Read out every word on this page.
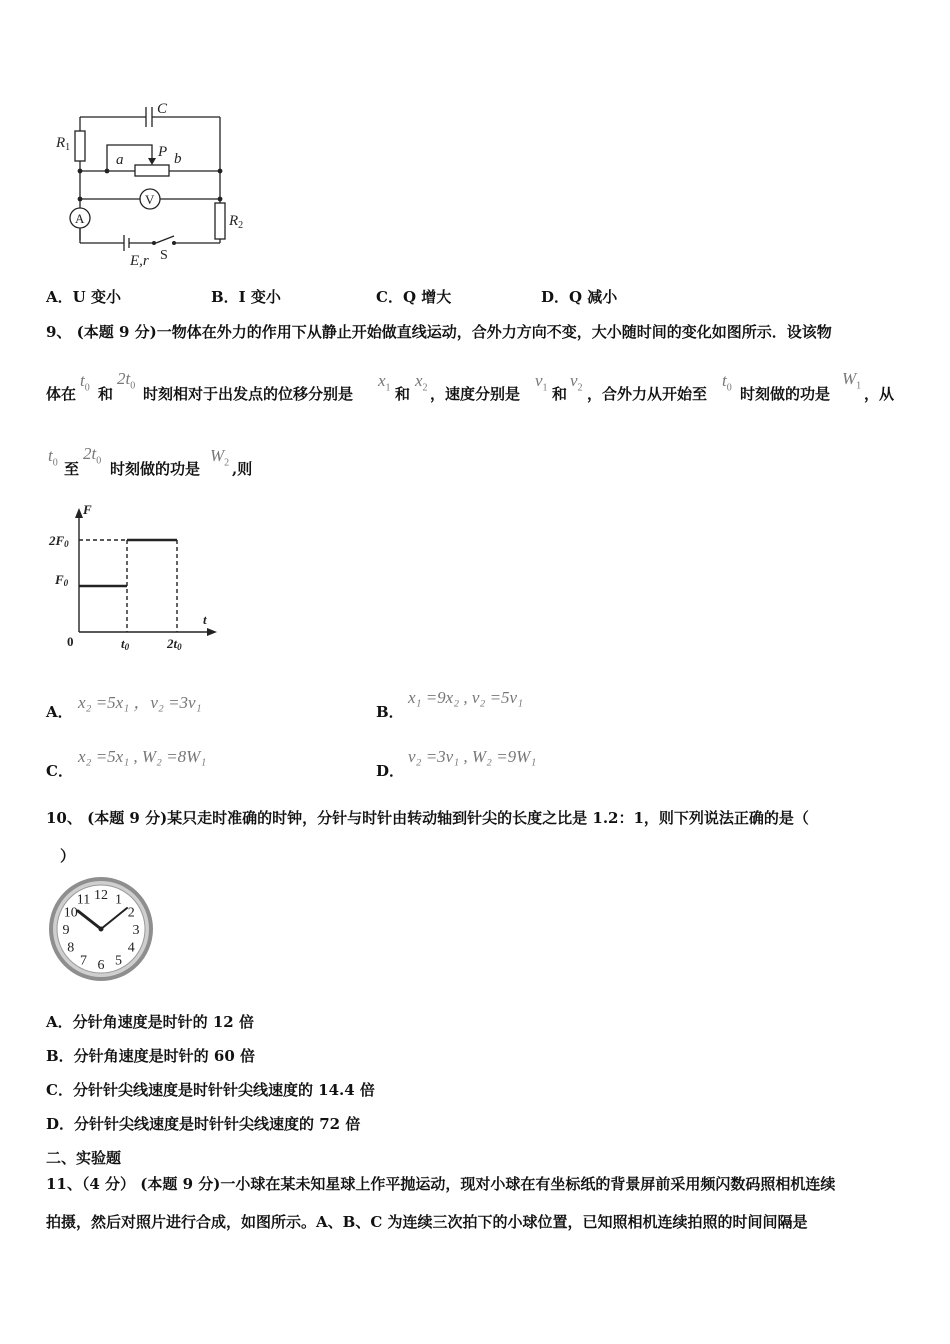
C
$R_1$
a P b
$R_2$
E,r
V
A
S
A．U 变小	B．I 变小	C．Q 增大	D．Q 减小
9、 (本题 9 分)一物体在外力的作用下从静止开始做直线运动，合外力方向不变，大小随时间的变化如图所示．设该物
体在
$t_0$ 和
$2t_0$ 时刻相对于出发点的位移分别是
$x_1$ 和
$x_2$ ，速度分别是
$v_1$ 和
$v_2$ ，合外力从开始至
$t_0$ 时刻做的功是
$W_1$ ，从
$t_0$ 至
$2t_0$ 时刻做的功是
$W_2$ ,则
F
t
2F0
F0
t0	2t0
0
A． x₂ =5x₁ ，v₂ =3v₁	B．
x₁ =9x₂ , v₂ =5v₁
C．
x₂ =5x₁ , W₂ =8W₁
D．
v₂ =3v₁ , W₂ =9W₁
10、 (本题 9 分)某只走时准确的时钟，分针与时针由转动轴到针尖的长度之比是 1.2：1，则下列说法正确的是（
）
12 1
2
3
4
5
6
7
8
9
10
11
A．分针角速度是时针的 12 倍
B．分针角速度是时针的 60 倍
C．分针针尖线速度是时针针尖线速度的 14.4 倍
D．分针针尖线速度是时针针尖线速度的 72 倍
二、实验题
11、（4 分） (本题 9 分)一小球在某未知星球上作平抛运动，现对小球在有坐标纸的背景屏前采用频闪数码照相机连续
拍摄，然后对照片进行合成，如图所示。A、B、C 为连续三次拍下的小球位置，已知照相机连续拍照的时间间隔是
